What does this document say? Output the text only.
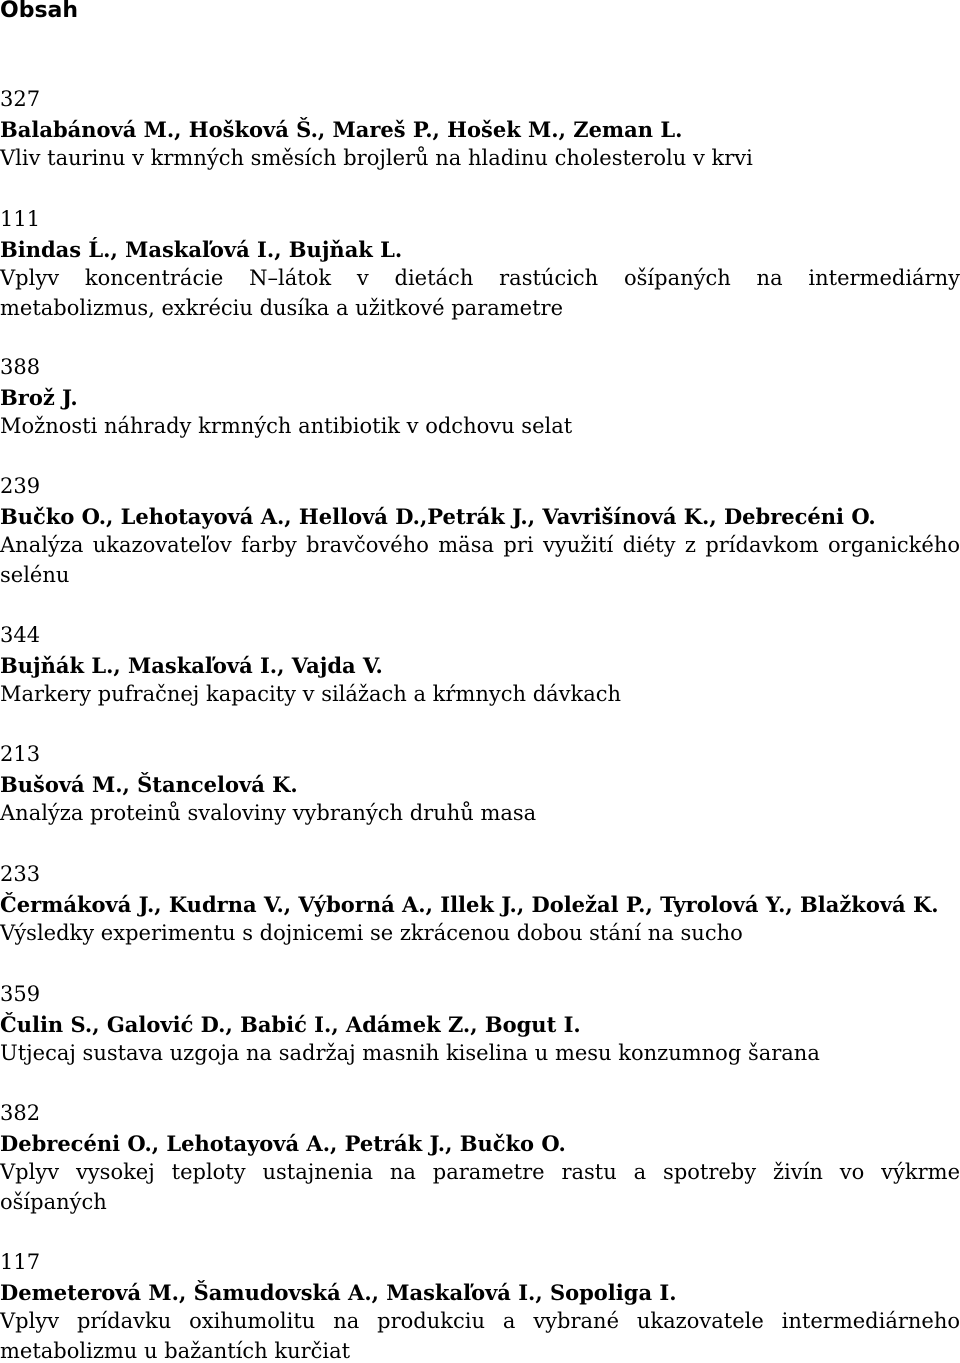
Obsah

327

Balabánová M., Hošková Š., Mareš P., Hošek M., Zeman L.

Vliv taurinu v krmných směsích brojlerů na hladinu cholesterolu v krvi

111

Bindas Ĺ., Maskaľová I., Bujňak L.

Vplyv koncentrácie N–látok v dietách rastúcich ošípaných na intermediárny metabolizmus, exkréciu dusíka a užitkové parametre

388

Brož J.

Možnosti náhrady krmných antibiotik v odchovu selat

239

Bučko O., Lehotayová A., Hellová D.,Petrák J., Vavrišínová K., Debrecéni O.

Analýza ukazovateľov farby bravčového mäsa pri využití diéty z prídavkom organického selénu

344

Bujňák L., Maskaľová I., Vajda V.

Markery pufračnej kapacity v silážach a kŕmnych dávkach

213

Bušová M., Štancelová K.

Analýza proteinů svaloviny vybraných druhů masa

233

Čermáková J., Kudrna V., Výborná A., Illek J., Doležal P., Tyrolová Y., Blažková K.

Výsledky experimentu s dojnicemi se zkrácenou dobou stání na sucho

359

Čulin S., Galović D., Babić I., Adámek Z., Bogut I.

Utjecaj sustava uzgoja na sadržaj masnih kiselina u mesu konzumnog šarana

382

Debrecéni O., Lehotayová A., Petrák J., Bučko O.

Vplyv vysokej teploty ustajnenia na parametre rastu a spotreby živín vo výkrme ošípaných

117

Demeterová M., Šamudovská A., Maskaľová I., Sopoliga I.

Vplyv prídavku oxihumolitu na produkciu a vybrané ukazovatele intermediárneho metabolizmu u bažantích kurčiat
